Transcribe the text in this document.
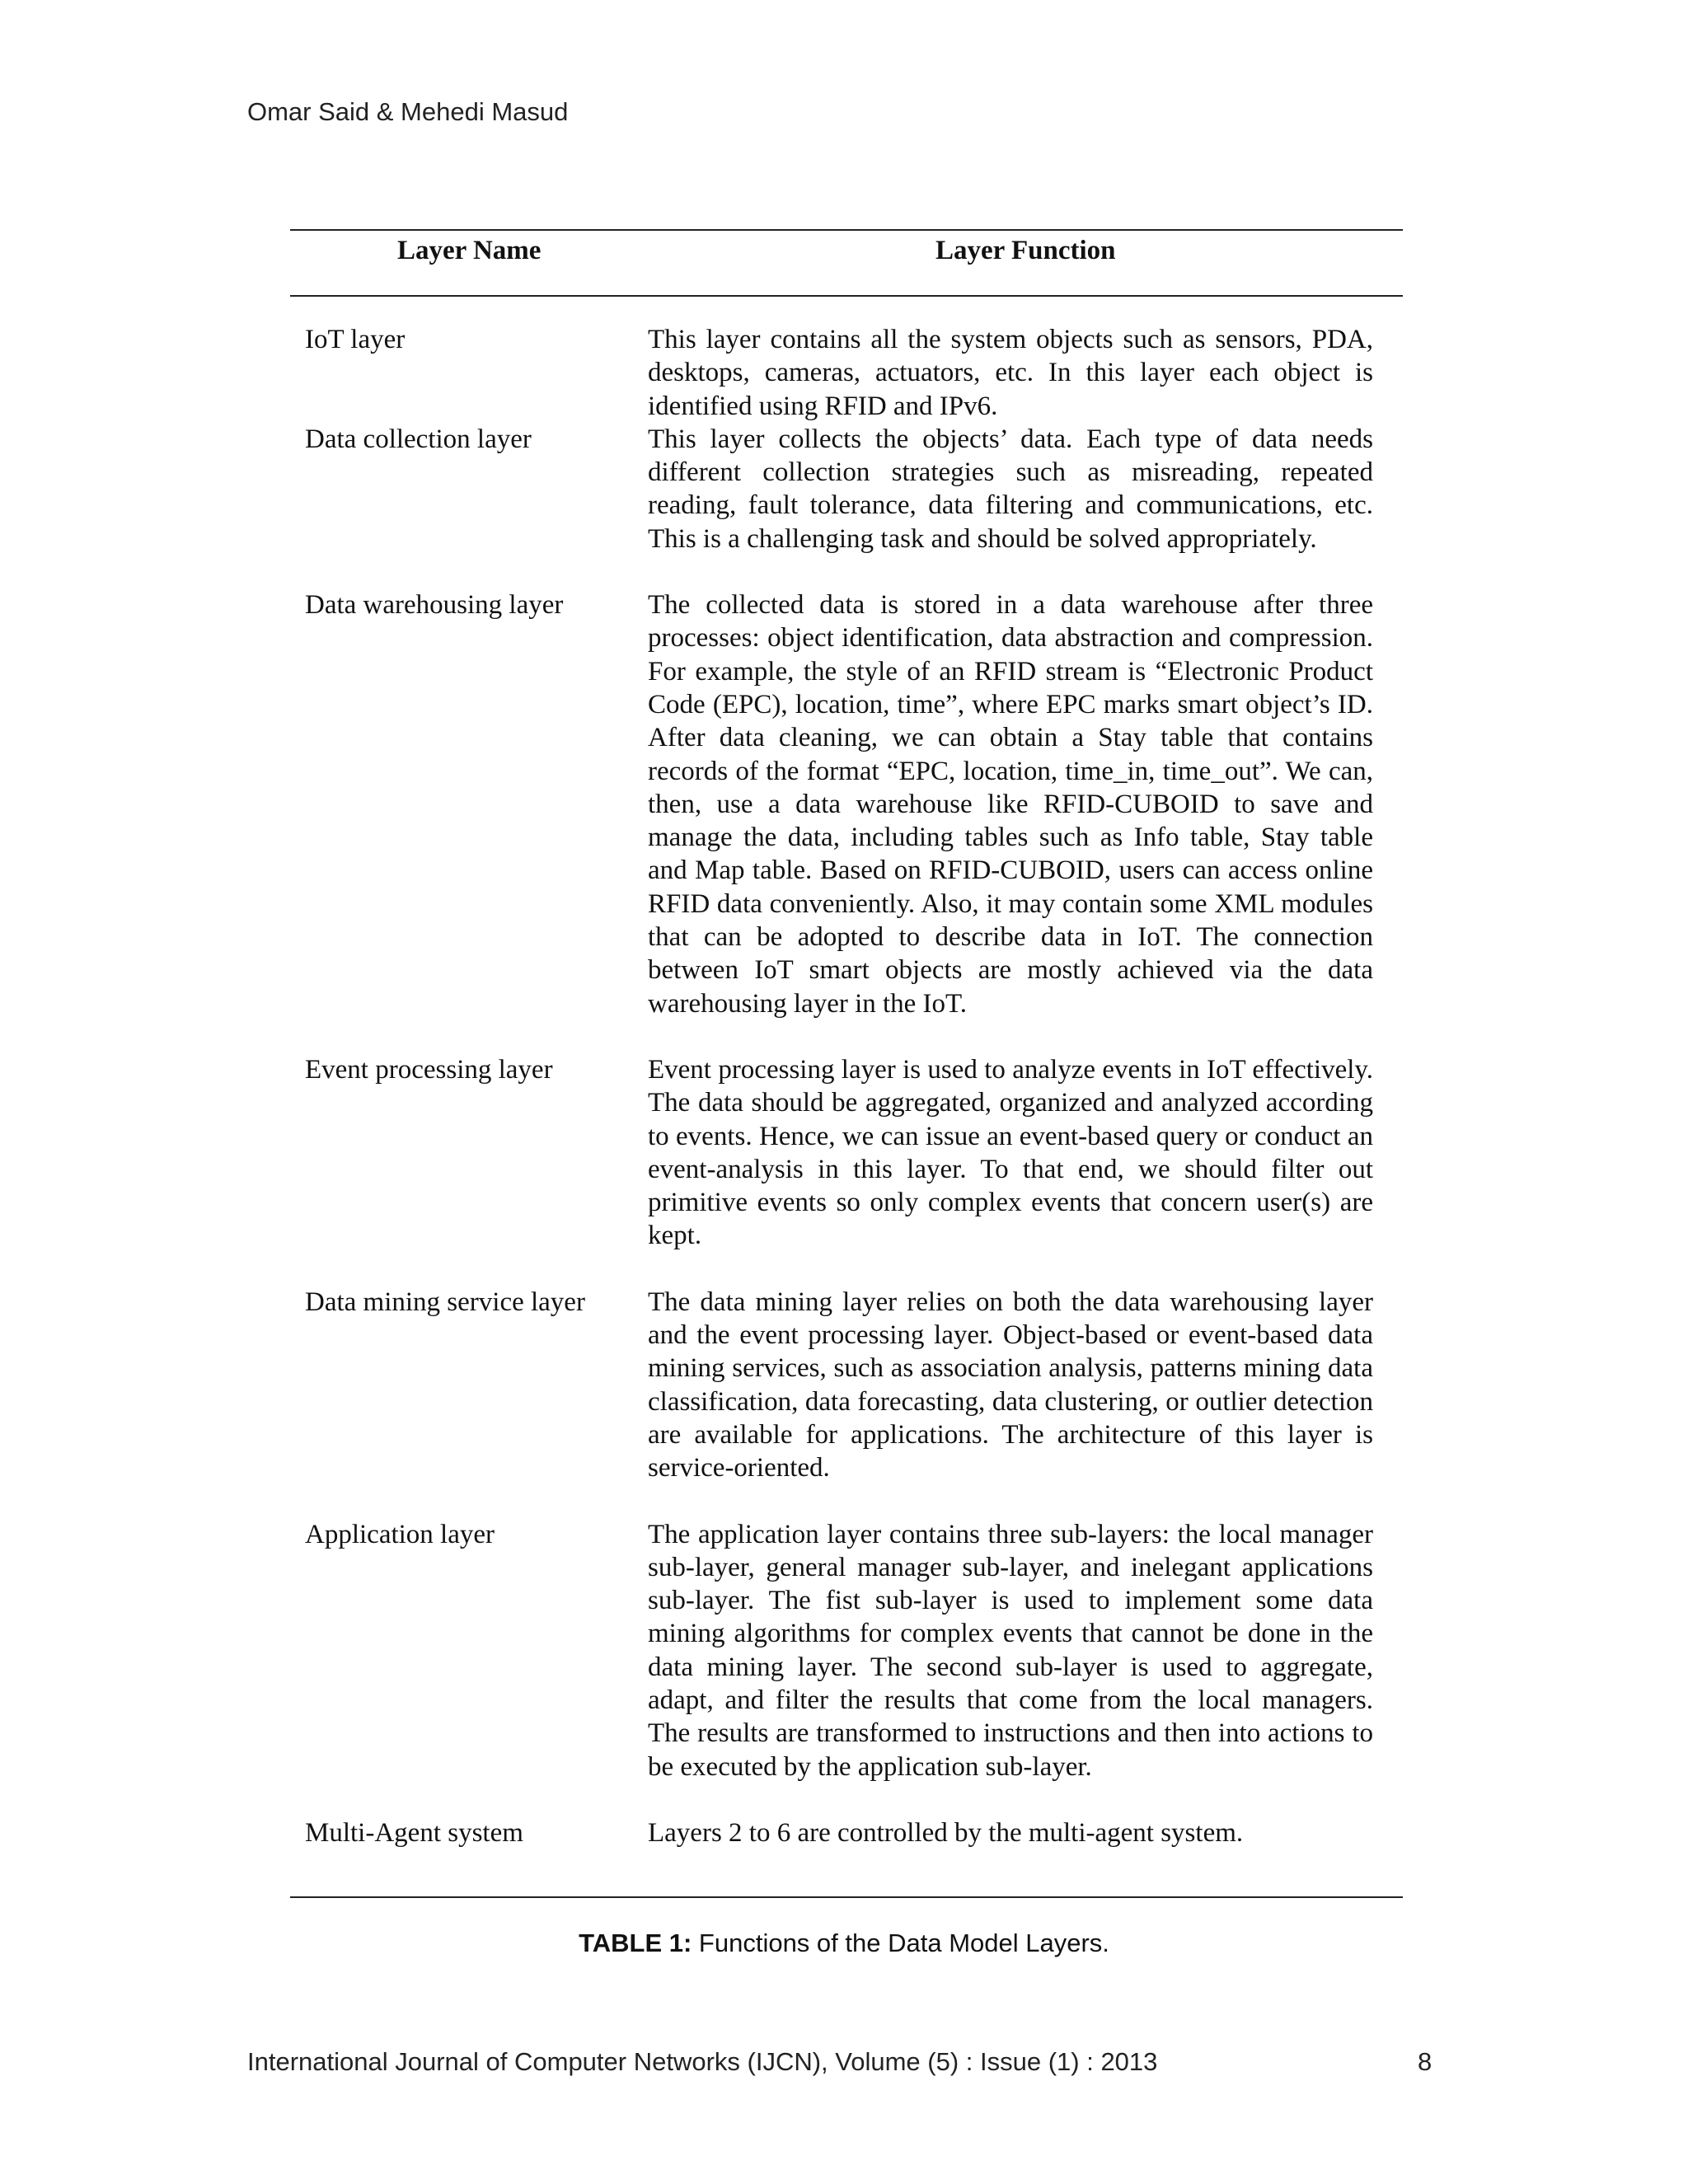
Omar Said & Mehedi Masud
Layer Name	Layer Function
IoT layer	This layer contains all the system objects such as sensors, PDA, desktops, cameras, actuators, etc. In this layer each object is identified using RFID and IPv6.
Data collection layer	This layer collects the objects’ data. Each type of data needs different collection strategies such as misreading, repeated reading, fault tolerance, data filtering and communications, etc. This is a challenging task and should be solved appropriately.
Data warehousing layer	The collected data is stored in a data warehouse after three processes: object identification, data abstraction and compression. For example, the style of an RFID stream is “Electronic Product Code (EPC), location, time”, where EPC marks smart object’s ID. After data cleaning, we can obtain a Stay table that contains records of the format “EPC, location, time_in, time_out”. We can, then, use a data warehouse like RFID-CUBOID to save and manage the data, including tables such as Info table, Stay table and Map table. Based on RFID-CUBOID, users can access online RFID data conveniently. Also, it may contain some XML modules that can be adopted to describe data in IoT. The connection between IoT smart objects are mostly achieved via the data warehousing layer in the IoT.
Event processing layer	Event processing layer is used to analyze events in IoT effectively. The data should be aggregated, organized and analyzed according to events. Hence, we can issue an event-based query or conduct an event-analysis in this layer. To that end, we should filter out primitive events so only complex events that concern user(s) are kept.
Data mining service layer	The data mining layer relies on both the data warehousing layer and the event processing layer. Object-based or event-based data mining services, such as association analysis, patterns mining data classification, data forecasting, data clustering, or outlier detection are available for applications. The architecture of this layer is service-oriented.
Application layer	The application layer contains three sub-layers: the local manager sub-layer, general manager sub-layer, and inelegant applications sub-layer. The fist sub-layer is used to implement some data mining algorithms for complex events that cannot be done in the data mining layer. The second sub-layer is used to aggregate, adapt, and filter the results that come from the local managers. The results are transformed to instructions and then into actions to be executed by the application sub-layer.
Multi-Agent system	Layers 2 to 6 are controlled by the multi-agent system.
TABLE 1: Functions of the Data Model Layers.
International Journal of Computer Networks (IJCN), Volume (5) : Issue (1) : 2013	8
